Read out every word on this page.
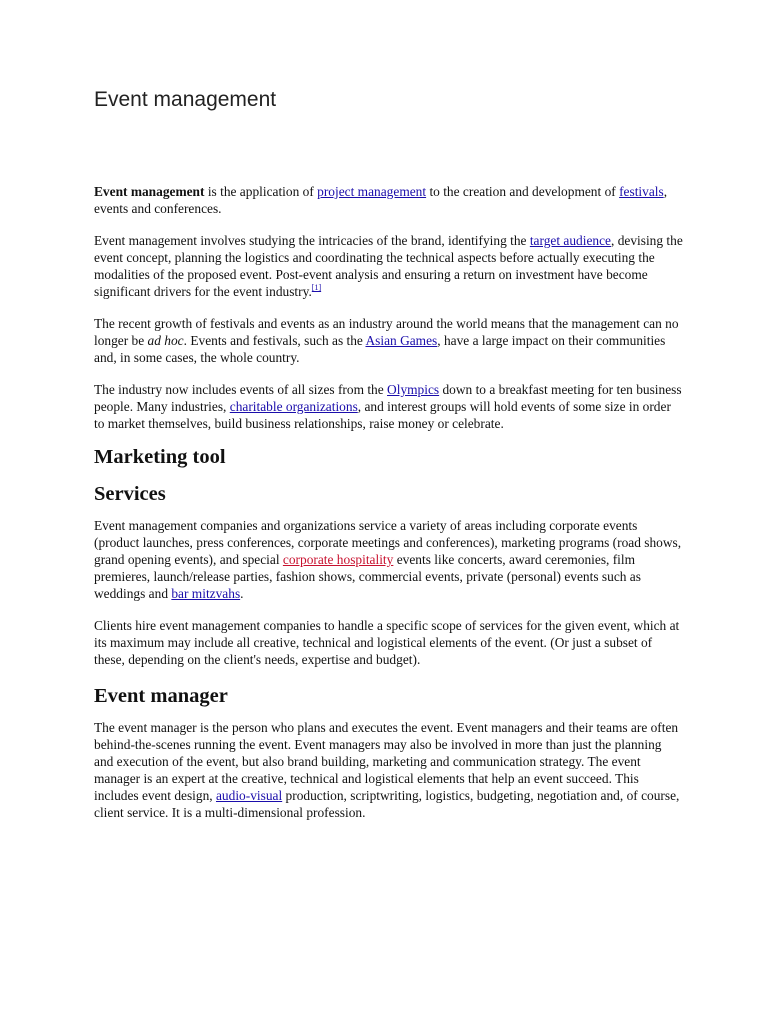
Event management

Event management is the application of project management to the creation and development of festivals, events and conferences.

Event management involves studying the intricacies of the brand, identifying the target audience, devising the event concept, planning the logistics and coordinating the technical aspects before actually executing the modalities of the proposed event. Post-event analysis and ensuring a return on investment have become significant drivers for the event industry.[1]

The recent growth of festivals and events as an industry around the world means that the management can no longer be ad hoc. Events and festivals, such as the Asian Games, have a large impact on their communities and, in some cases, the whole country.

The industry now includes events of all sizes from the Olympics down to a breakfast meeting for ten business people. Many industries, charitable organizations, and interest groups will hold events of some size in order to market themselves, build business relationships, raise money or celebrate.

Marketing tool
Services

Event management companies and organizations service a variety of areas including corporate events (product launches, press conferences, corporate meetings and conferences), marketing programs (road shows, grand opening events), and special corporate hospitality events like concerts, award ceremonies, film premieres, launch/release parties, fashion shows, commercial events, private (personal) events such as weddings and bar mitzvahs.

Clients hire event management companies to handle a specific scope of services for the given event, which at its maximum may include all creative, technical and logistical elements of the event. (Or just a subset of these, depending on the client's needs, expertise and budget).

Event manager

The event manager is the person who plans and executes the event. Event managers and their teams are often behind-the-scenes running the event. Event managers may also be involved in more than just the planning and execution of the event, but also brand building, marketing and communication strategy. The event manager is an expert at the creative, technical and logistical elements that help an event succeed. This includes event design, audio-visual production, scriptwriting, logistics, budgeting, negotiation and, of course, client service. It is a multi-dimensional profession.
